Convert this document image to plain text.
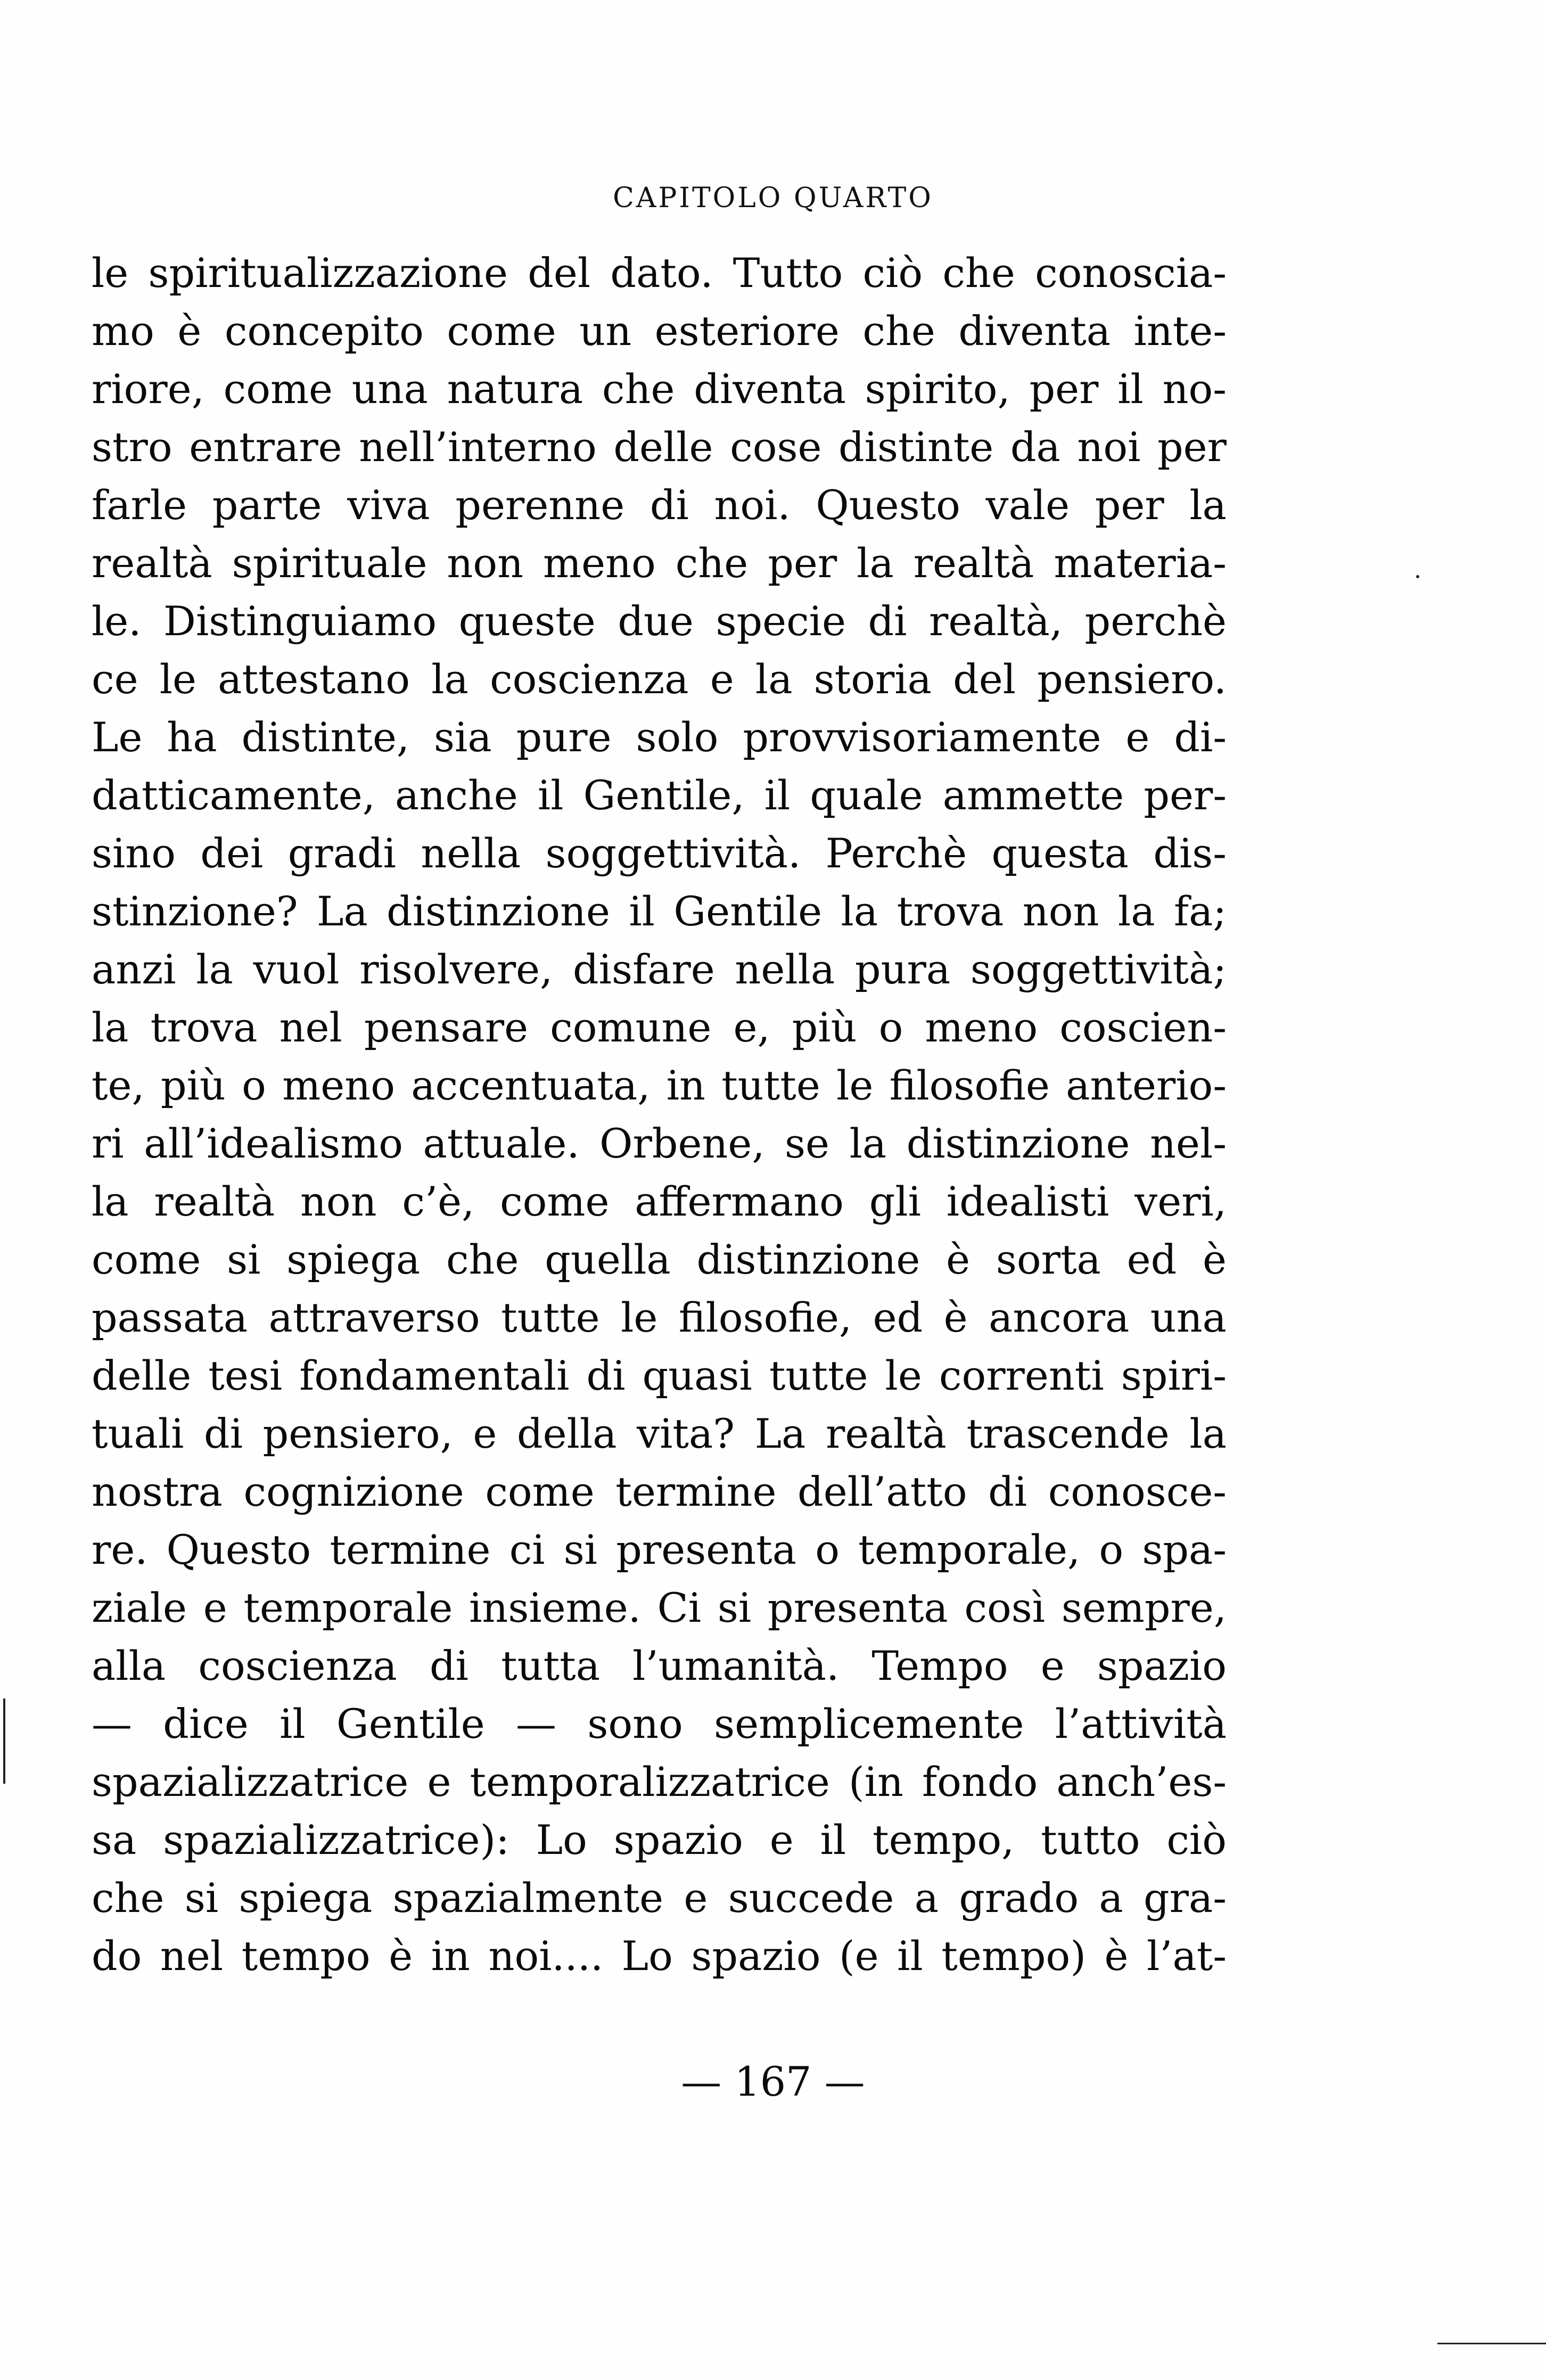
CAPITOLO QUARTO
le spiritualizzazione del dato. Tutto ciò che conoscia-
mo è concepito come un esteriore che diventa inte-
riore, come una natura che diventa spirito, per il no-
stro entrare nell’interno delle cose distinte da noi per
farle parte viva perenne di noi. Questo vale per la
realtà spirituale non meno che per la realtà materia-
le. Distinguiamo queste due specie di realtà, perchè
ce le attestano la coscienza e la storia del pensiero.
Le ha distinte, sia pure solo provvisoriamente e di-
datticamente, anche il Gentile, il quale ammette per-
sino dei gradi nella soggettività. Perchè questa dis-
stinzione? La distinzione il Gentile la trova non la fa;
anzi la vuol risolvere, disfare nella pura soggettività;
la trova nel pensare comune e, più o meno coscien-
te, più o meno accentuata, in tutte le filosofie anterio-
ri all’idealismo attuale. Orbene, se la distinzione nel-
la realtà non c’è, come affermano gli idealisti veri,
come si spiega che quella distinzione è sorta ed è
passata attraverso tutte le filosofie, ed è ancora una
delle tesi fondamentali di quasi tutte le correnti spiri-
tuali di pensiero, e della vita? La realtà trascende la
nostra cognizione come termine dell’atto di conosce-
re. Questo termine ci si presenta o temporale, o spa-
ziale e temporale insieme. Ci si presenta così sempre,
alla coscienza di tutta l’umanità. Tempo e spazio
— dice il Gentile — sono semplicemente l’attività
spazializzatrice e temporalizzatrice (in fondo anch’es-
sa spazializzatrice): Lo spazio e il tempo, tutto ciò
che si spiega spazialmente e succede a grado a gra-
do nel tempo è in noi.... Lo spazio (e il tempo) è l’at-
— 167 —
